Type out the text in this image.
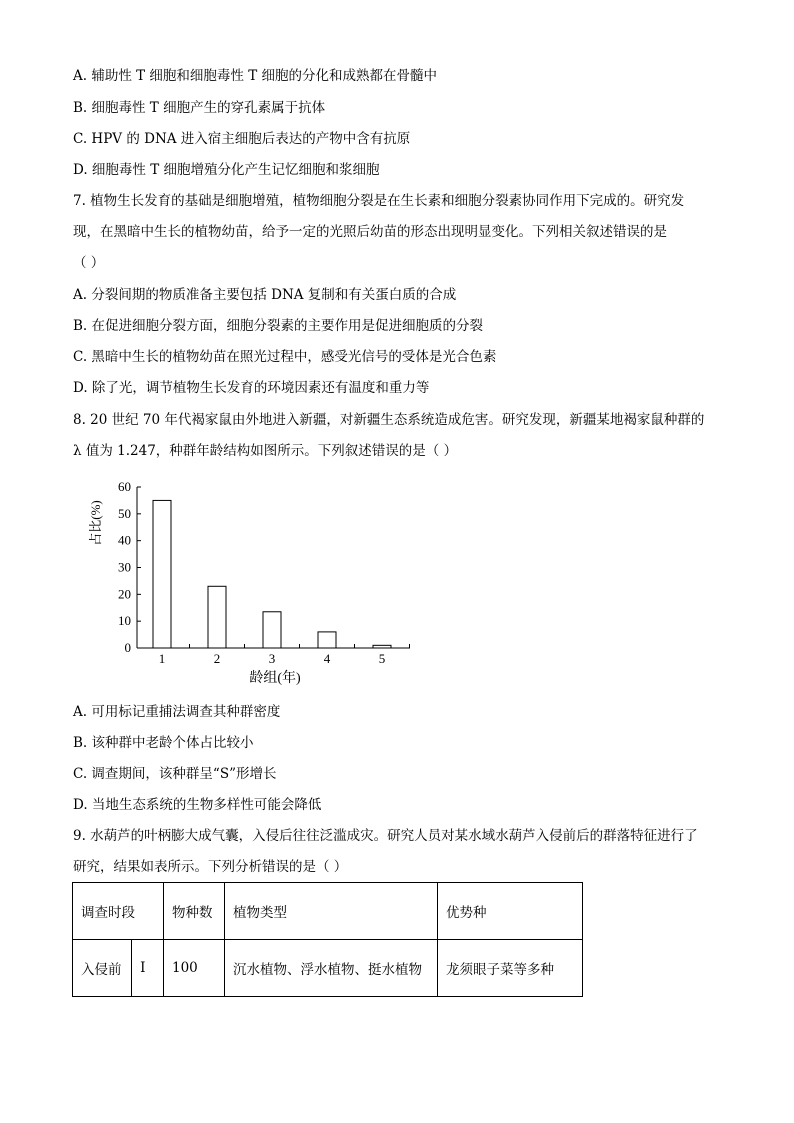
A. 辅助性 T 细胞和细胞毒性 T 细胞的分化和成熟都在骨髓中
B. 细胞毒性 T 细胞产生的穿孔素属于抗体
C. HPV 的 DNA 进入宿主细胞后表达的产物中含有抗原
D. 细胞毒性 T 细胞增殖分化产生记忆细胞和浆细胞
7. 植物生长发育的基础是细胞增殖，植物细胞分裂是在生长素和细胞分裂素协同作用下完成的。研究发
现，在黑暗中生长的植物幼苗，给予一定的光照后幼苗的形态出现明显变化。下列相关叙述错误的是
（ ）
A. 分裂间期的物质准备主要包括 DNA 复制和有关蛋白质的合成
B. 在促进细胞分裂方面，细胞分裂素的主要作用是促进细胞质的分裂
C. 黑暗中生长的植物幼苗在照光过程中，感受光信号的受体是光合色素
D. 除了光，调节植物生长发育的环境因素还有温度和重力等
8. 20 世纪 70 年代褐家鼠由外地进入新疆，对新疆生态系统造成危害。研究发现，新疆某地褐家鼠种群的
λ 值为 1.247，种群年龄结构如图所示。下列叙述错误的是（ ）
0
10
20
30
40
50
60
1	2	3	4	5
占比(%)
龄组(年)
A. 可用标记重捕法调查其种群密度
B. 该种群中老龄个体占比较小
C. 调查期间，该种群呈“S”形增长
D. 当地生态系统的生物多样性可能会降低
9. 水葫芦的叶柄膨大成气囊，入侵后往往泛滥成灾。研究人员对某水域水葫芦入侵前后的群落特征进行了
研究，结果如表所示。下列分析错误的是（ ）
调查时段		物种数	植物类型	优势种
入侵前	I	100	沉水植物、浮水植物、挺水植物	龙须眼子菜等多种
